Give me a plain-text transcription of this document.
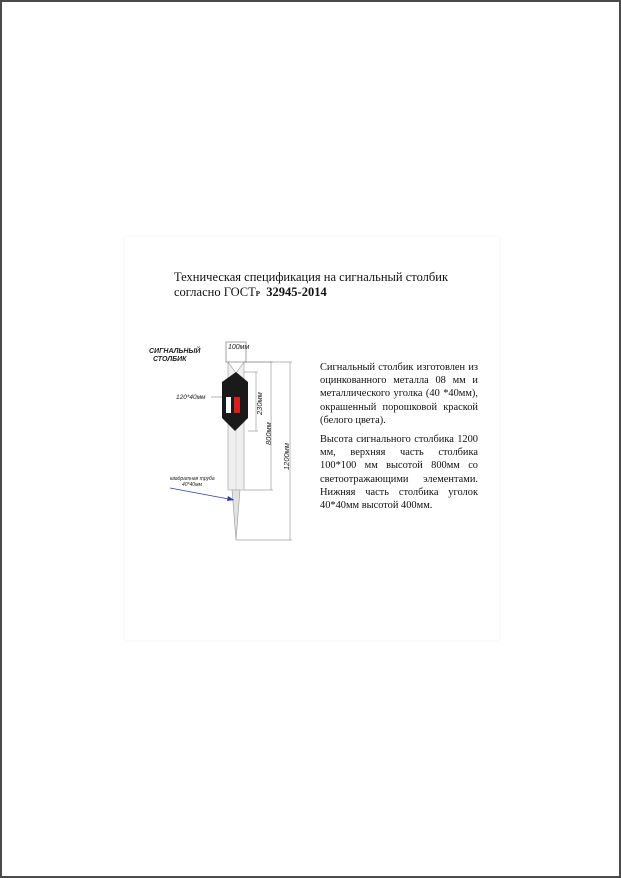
Техническая спецификация на сигнальный столбик
согласно ГОСТР 32945-2014
СИГНАЛЬНЫЙ
СТОЛБИК
100мм
120*40мм	230мм
800мм
1200мм
квадратная труба
40*40мм

Сигнальный столбик изготовлен из оцинкованного металла 08 мм и металлического уголка (40 *40мм), окрашенный порошковой краской (белого цвета).

Высота сигнального столбика 1200 мм, верхняя часть столбика 100*100 мм высотой 800мм со светоотражающими элементами. Нижняя часть столбика уголок 40*40мм высотой 400мм.
